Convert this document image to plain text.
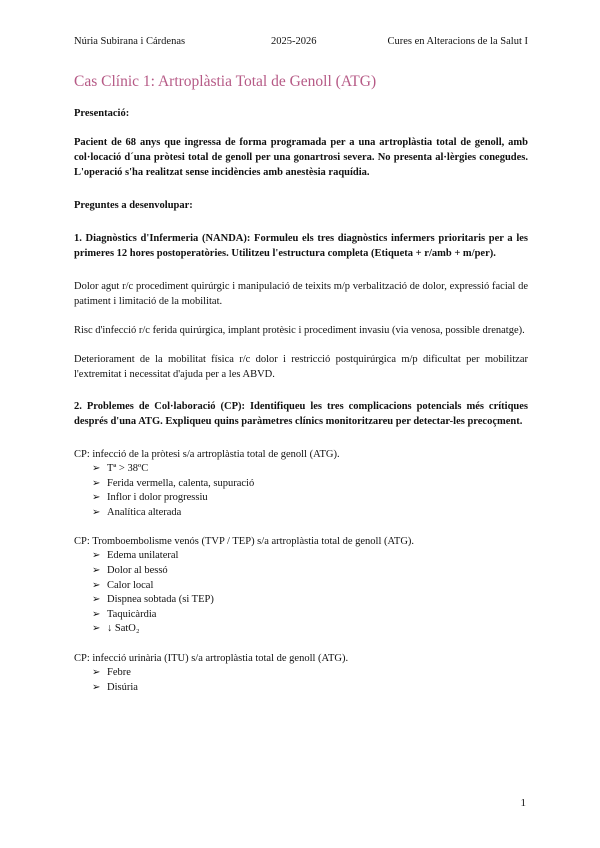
Núria Subirana i Cárdenas	2025-2026	Cures en Alteracions de la Salut I
Cas Clínic 1: Artroplàstia Total de Genoll (ATG)

Presentació:

Pacient de 68 anys que ingressa de forma programada per a una artroplàstia total de genoll, amb col·locació d´una pròtesi total de genoll per una gonartrosi severa. No presenta al·lèrgies conegudes. L'operació s'ha realitzat sense incidències amb anestèsia raquídia.

Preguntes a desenvolupar:

1. Diagnòstics d'Infermeria (NANDA): Formuleu els tres diagnòstics infermers prioritaris per a les primeres 12 hores postoperatòries. Utilitzeu l'estructura completa (Etiqueta + r/amb + m/per).

Dolor agut r/c procediment quirúrgic i manipulació de teixits m/p verbalització de dolor, expressió facial de patiment i limitació de la mobilitat.

Risc d'infecció r/c ferida quirúrgica, implant protèsic i procediment invasiu (via venosa, possible drenatge).

Deteriorament de la mobilitat física r/c dolor i restricció postquirúrgica m/p dificultat per mobilitzar l'extremitat i necessitat d'ajuda per a les ABVD.

2. Problemes de Col·laboració (CP): Identifiqueu les tres complicacions potencials més crítiques després d'una ATG. Expliqueu quins paràmetres clínics monitoritzareu per detectar-les precoçment.

CP: infecció de la pròtesi s/a artroplàstia total de genoll (ATG).

➢ Tª > 38ºC
➢ Ferida vermella, calenta, supuració
➢ Inflor i dolor progressiu
➢ Analítica alterada

CP: Tromboembolisme venós (TVP / TEP) s/a artroplàstia total de genoll (ATG).

➢ Edema unilateral
➢ Dolor al bessó
➢ Calor local
➢ Dispnea sobtada (si TEP)
➢ Taquicàrdia
➢ ↓ SatO₂

CP: infecció urinària (ITU) s/a artroplàstia total de genoll (ATG).

➢ Febre
➢ Disúria
1
